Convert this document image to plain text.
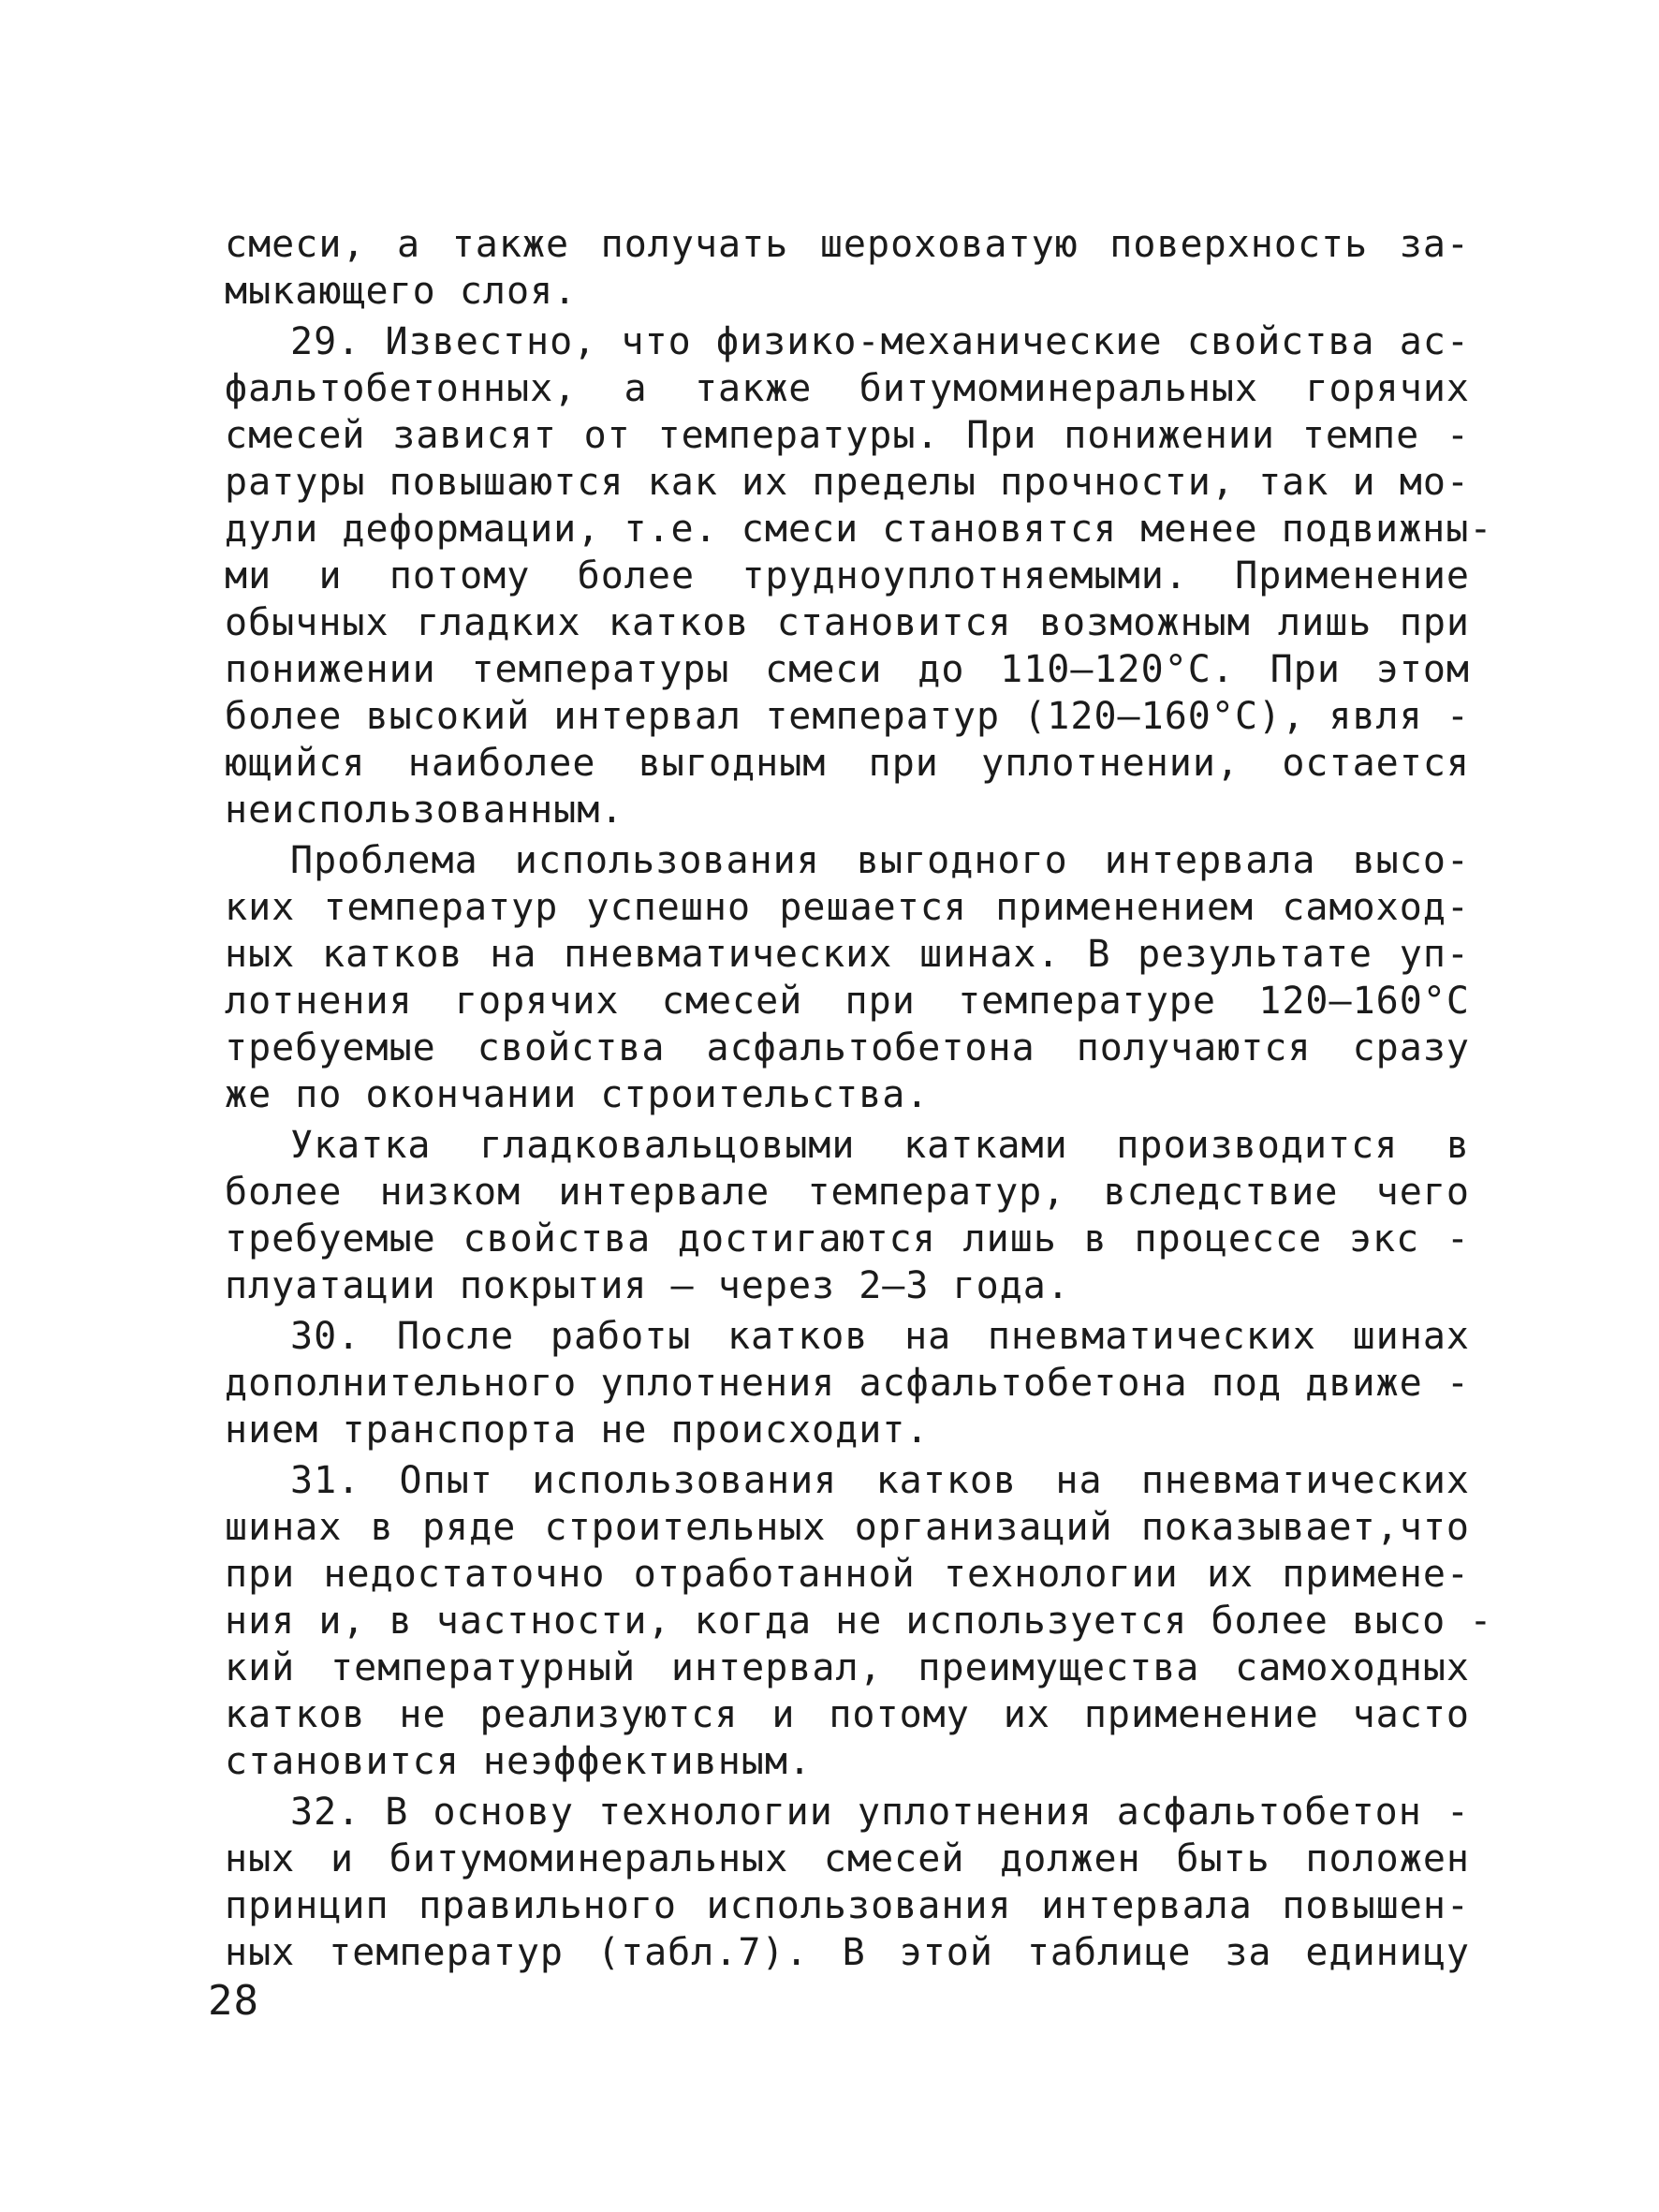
смеси, а также получать шероховатую поверхность за-
мыкающего слоя.
29. Известно, что физико-механические свойства ас-
фальтобетонных, а также битумоминеральных горячих
смесей зависят от температуры. При понижении темпе -
ратуры повышаются как их пределы прочности, так и мо-
дули деформации, т.е. смеси становятся менее подвижны-
ми и потому более трудноуплотняемыми. Применение
обычных гладких катков становится возможным лишь при
понижении температуры смеси до 110–120°С. При этом
более высокий интервал температур (120–160°С), явля -
ющийся наиболее выгодным при уплотнении, остается
неиспользованным.
Проблема использования выгодного интервала высо-
ких температур успешно решается применением самоход-
ных катков на пневматических шинах. В результате уп-
лотнения горячих смесей при температуре 120–160°С
требуемые свойства асфальтобетона получаются сразу
же по окончании строительства.
Укатка гладковальцовыми катками производится в
более низком интервале температур, вследствие чего
требуемые свойства достигаются лишь в процессе экс -
плуатации покрытия – через 2–3 года.
30. После работы катков на пневматических шинах
дополнительного уплотнения асфальтобетона под движе -
нием транспорта не происходит.
31. Опыт использования катков на пневматических
шинах в ряде строительных организаций показывает,что
при недостаточно отработанной технологии их примене-
ния и, в частности, когда не используется более высо -
кий температурный интервал, преимущества самоходных
катков не реализуются и потому их применение часто
становится неэффективным.
32. В основу технологии уплотнения асфальтобетон -
ных и битумоминеральных смесей должен быть положен
принцип правильного использования интервала повышен-
ных температур (табл.7). В этой таблице за единицу
28
